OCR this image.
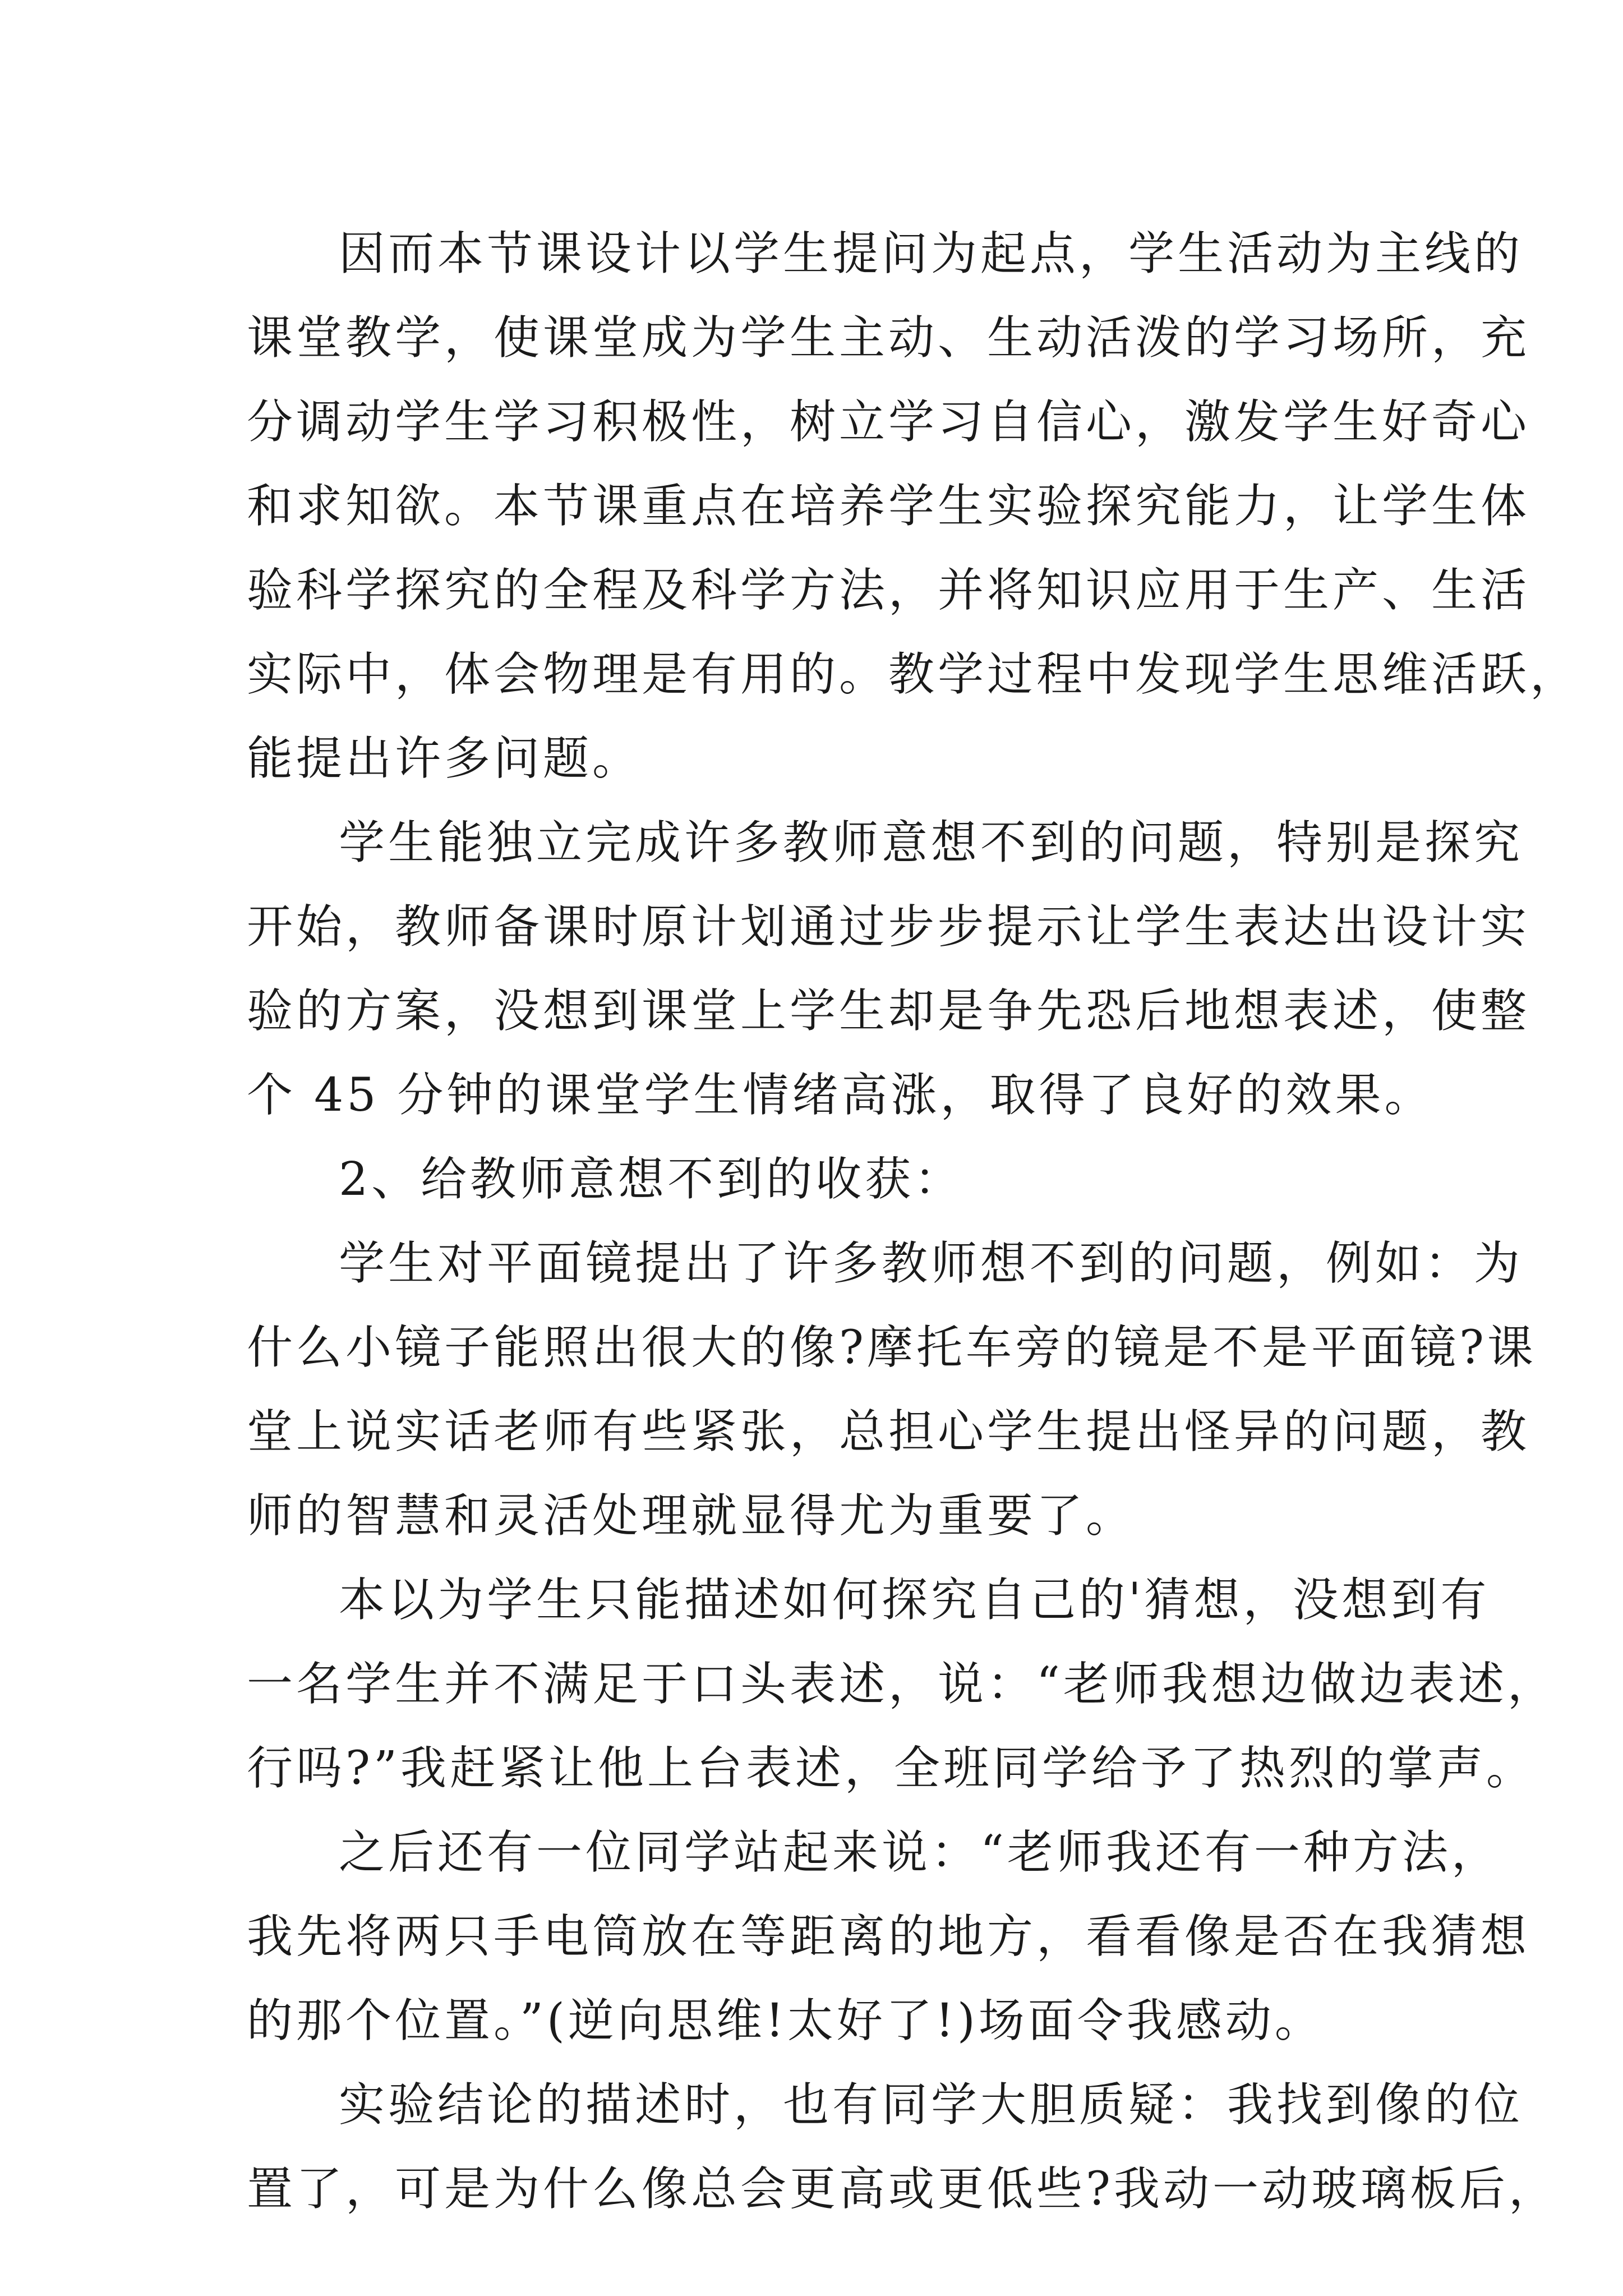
因而本节课设计以学生提问为起点，学生活动为主线的
课堂教学，使课堂成为学生主动、生动活泼的学习场所，充
分调动学生学习积极性，树立学习自信心，激发学生好奇心
和求知欲。本节课重点在培养学生实验探究能力，让学生体
验科学探究的全程及科学方法，并将知识应用于生产、生活
实际中，体会物理是有用的。教学过程中发现学生思维活跃，
能提出许多问题。
学生能独立完成许多教师意想不到的问题，特别是探究
开始，教师备课时原计划通过步步提示让学生表达出设计实
验的方案，没想到课堂上学生却是争先恐后地想表述，使整
个 45 分钟的课堂学生情绪高涨，取得了良好的效果。
2、给教师意想不到的收获：
学生对平面镜提出了许多教师想不到的问题，例如：为
什么小镜子能照出很大的像?摩托车旁的镜是不是平面镜?课
堂上说实话老师有些紧张，总担心学生提出怪异的问题，教
师的智慧和灵活处理就显得尤为重要了。
本以为学生只能描述如何探究自己的'猜想，没想到有
一名学生并不满足于口头表述，说：“老师我想边做边表述，
行吗?”我赶紧让他上台表述，全班同学给予了热烈的掌声。
之后还有一位同学站起来说：“老师我还有一种方法，
我先将两只手电筒放在等距离的地方，看看像是否在我猜想
的那个位置。”(逆向思维!太好了!)场面令我感动。
实验结论的描述时，也有同学大胆质疑：我找到像的位
置了，可是为什么像总会更高或更低些?我动一动玻璃板后，
